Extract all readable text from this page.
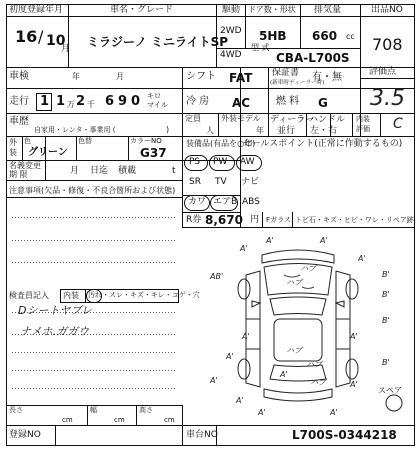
初度登録年月
16 / 10
月
車名・グレード
ミラジーノ ミニライトSP
駆動
2WD
4WD
ドア数・形状
5HB
排気量
660 cc
型 式
CBA-L700S
出品NO
708
車検	年	月	シフト FAT 保証書
(新車時ディーラー時)
有・無	評価点
3.5
走行 1 1 万 2 千 6 9 0 キロ
マイル 冷 房 AC	燃 料 G
車歴
自家用・レンタ・事業用 (	)
定員
人
外装モデル
年
ディーラー
並行
ハンドル
左・右
内装
評価 C
外
装
色
グリーン
色替	カラーNO
G37
装備品(有品を○印)
セールスポイント(正常に作動するもの)
PS PW AW
SR TV ナビ
カワ エアB ABS
名義変更
期 限	月 日迄 積載	t
R券 8,670 円 Fガラス トビ石・キズ・ヒビ・ワレ・リペア跡
注意事項(欠品・修復・不良合箇所および状態)
検査員記入 内装 汚れ・スレ・キズ・キレ・コゲ・穴
Dシートヤブレ
ナメホ.ガガウ
A'	A'
A'
ハブ
ハブ
AB'	B'
B'
A'	A'
A'
ハブ
ハブ	B'
A'
A'
ハブ	A'
A'
B'
A'	A'
A'
スペア
長さ
cm
幅
cm
高さ
cm
登録NO	車台NO	L700S-0344218
